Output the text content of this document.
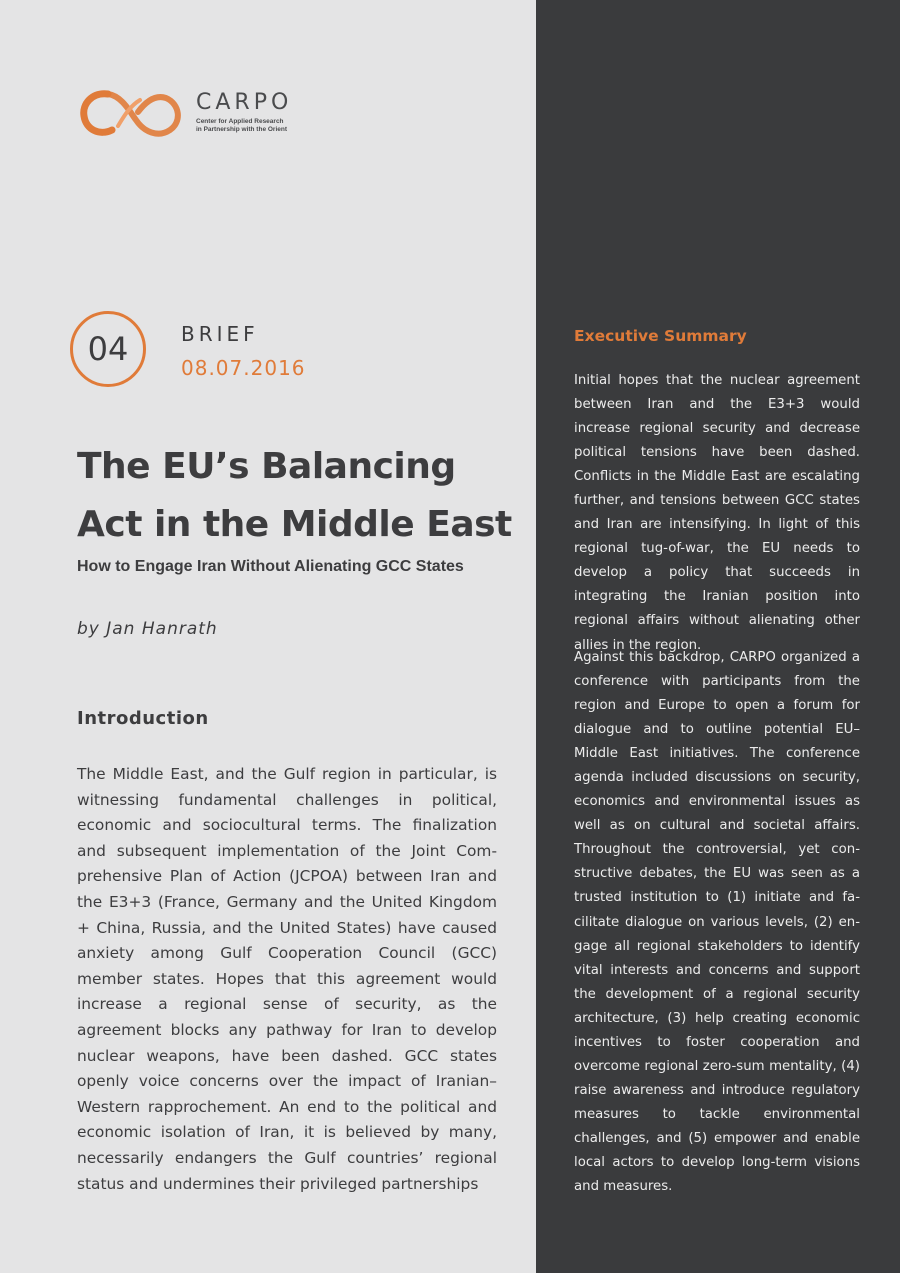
CARPO
Center for Applied Research
in Partnership with the Orient
04	BRIEF
08.07.2016
The EU’s Balancing
Act in the Middle East
How to Engage Iran Without Alienating GCC States
by Jan Hanrath
Introduction

The Middle East, and the Gulf region in particular, is witnessing fundamental challenges in political, economic and sociocultural terms. The finalization and subsequent implementation of the Joint Comprehensive Plan of Action (JCPOA) between Iran and the E3+3 (France, Germany and the United Kingdom + China, Russia, and the United States) have caused anxiety among Gulf Cooperation Council (GCC) member states. Hopes that this agreement would increase a regional sense of security, as the agreement blocks any pathway for Iran to develop nuclear weapons, have been dashed. GCC states openly voice concerns over the impact of Iranian–Western rapprochement. An end to the political and economic isolation of Iran, it is believed by many, necessarily endangers the Gulf countries’ regional status and undermines their privileged partnerships

Executive Summary

Initial hopes that the nuclear agreement between Iran and the E3+3 would increase regional security and decrease political tensions have been dashed. Conflicts in the Middle East are escalating further, and tensions between GCC states and Iran are intensifying. In light of this regional tug-of-war, the EU needs to develop a policy that succeeds in integrating the Iranian position into regional affairs without alienating other allies in the region.

Against this backdrop, CARPO organized a conference with participants from the region and Europe to open a forum for dialogue and to outline potential EU–Middle East initiatives. The conference agenda included discussions on security, economics and environmental issues as well as on cultural and societal affairs. Throughout the controversial, yet constructive debates, the EU was seen as a trusted institution to (1) initiate and facilitate dialogue on various levels, (2) engage all regional stakeholders to identify vital interests and concerns and support the development of a regional security architecture, (3) help creating economic incentives to foster cooperation and overcome regional zero-sum mentality, (4) raise awareness and introduce regulatory measures to tackle environmental challenges, and (5) empower and enable local actors to develop long-term visions and measures.
